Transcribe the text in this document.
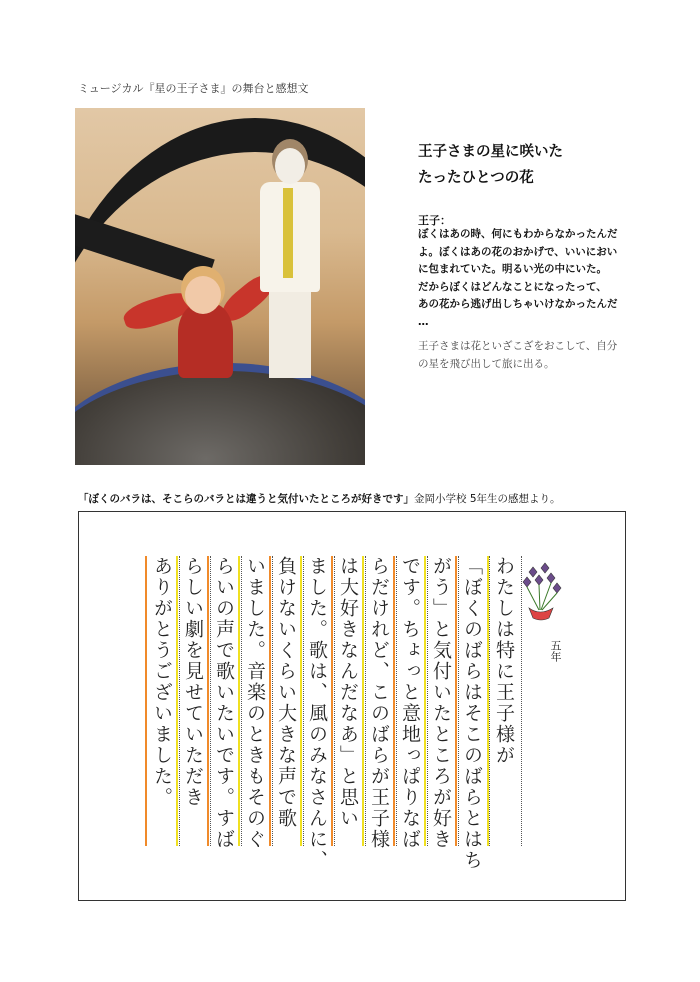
ミュージカル『星の王子さま』の舞台と感想文
王子さまの星に咲いた
たったひとつの花
王子：
ぼくはあの時、何にもわからなかったんだ
よ。ぼくはあの花のおかげで、いいにおい
に包まれていた。明るい光の中にいた。
だからぼくはどんなことになったって、
あの花から逃げ出しちゃいけなかったんだ
…
王子さまは花といざこざをおこして、自分
の星を飛び出して旅に出る。
「ぼくのバラは、そこらのバラとは違うと気付いたところが好きです」金岡小学校 5年生の感想より。
五年
わたしは特に王子様が
「ぼくのばらはそこのばらとはち
がう」と気付いたところが好き
です。ちょっと意地っぱりなば
らだけれど、このばらが王子様
は大好きなんだなあ」と思い
ました。歌は、風のみなさんに、
負けないくらい大きな声で歌
いました。音楽のときもそのぐ
らいの声で歌いたいです。すば
らしい劇を見せていただき
ありがとうございました。
